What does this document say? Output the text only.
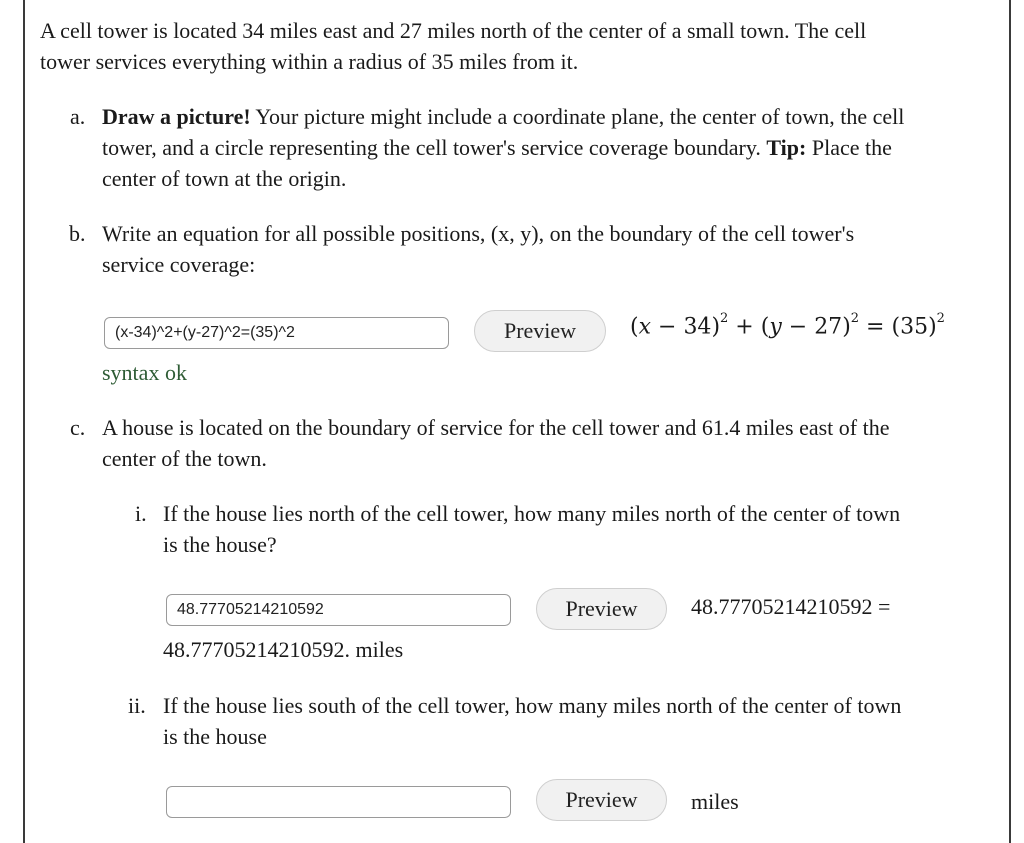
A cell tower is located 34 miles east and 27 miles north of the center of a small town. The cell
tower services everything within a radius of 35 miles from it.
a. Draw a picture! Your picture might include a coordinate plane, the center of town, the cell
tower, and a circle representing the cell tower's service coverage boundary. Tip: Place the
center of town at the origin.
b. Write an equation for all possible positions, (x, y), on the boundary of the cell tower's
service coverage:
(x-34)^2+(y-27)^2=(35)^2	Preview	$(x - 34)^2 + (y - 27)^2 = (35)^2$
syntax ok
c. A house is located on the boundary of service for the cell tower and 61.4 miles east of the
center of the town.
i. If the house lies north of the cell tower, how many miles north of the center of town
is the house?
48.77705214210592	Preview	48.77705214210592 =
48.77705214210592. miles
ii. If the house lies south of the cell tower, how many miles north of the center of town
is the house
Preview	miles
